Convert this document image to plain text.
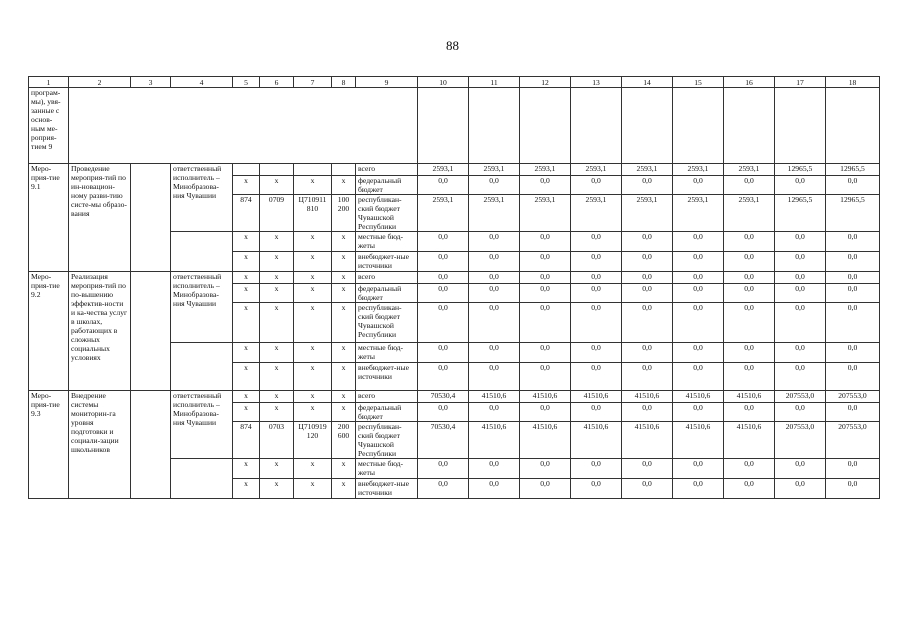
88
1	2	3	4	5	6	7	8	9	10	11	12	13	14	15	16	17	18
програм-мы), увя-занные с основ-ным ме-роприя-тием 9																	
Меро-прия-тие 9.1	Проведение мероприя-тий по ин-новацион-ному разви-тию систе-мы образо-вания		ответственный исполнитель – Минобразова-ния Чувашии					всего	2593,1	2593,1	2593,1	2593,1	2593,1	2593,1	2593,1	12965,5	12965,5
				x	x	x	x	федеральный бюджет	0,0	0,0	0,0	0,0	0,0	0,0	0,0	0,0	0,0
				874	0709	Ц710911 810	100 200	республикан-ский бюджет Чувашской Республики	2593,1	2593,1	2593,1	2593,1	2593,1	2593,1	2593,1	12965,5	12965,5
				x	x	x	x	местные бюд-жеты	0,0	0,0	0,0	0,0	0,0	0,0	0,0	0,0	0,0
				x	x	x	x	внебюджет-ные источники	0,0	0,0	0,0	0,0	0,0	0,0	0,0	0,0	0,0
Меро-прия-тие 9.2	Реализация мероприя-тий по по-вышению эффектив-ности и ка-чества услуг в школах, работающих в сложных социальных условиях		ответственный исполнитель – Минобразова-ния Чувашии	x	x	x	x	всего	0,0	0,0	0,0	0,0	0,0	0,0	0,0	0,0	0,0
				x	x	x	x	федеральный бюджет	0,0	0,0	0,0	0,0	0,0	0,0	0,0	0,0	0,0
				x	x	x	x	республикан-ский бюджет Чувашской Республики	0,0	0,0	0,0	0,0	0,0	0,0	0,0	0,0	0,0
				x	x	x	x	местные бюд-жеты	0,0	0,0	0,0	0,0	0,0	0,0	0,0	0,0	0,0
				x	x	x	x	внебюджет-ные источники	0,0	0,0	0,0	0,0	0,0	0,0	0,0	0,0	0,0
Меро-прия-тие 9.3	Внедрение системы мониторин-га уровня подготовки и социали-зации школьников		ответственный исполнитель – Минобразова-ния Чувашии	x	x	x	x	всего	70530,4	41510,6	41510,6	41510,6	41510,6	41510,6	41510,6	207553,0	207553,0
				x	x	x	x	федеральный бюджет	0,0	0,0	0,0	0,0	0,0	0,0	0,0	0,0	0,0
				874	0703	Ц710919 120	200 600	республикан-ский бюджет Чувашской Республики	70530,4	41510,6	41510,6	41510,6	41510,6	41510,6	41510,6	207553,0	207553,0
				x	x	x	x	местные бюд-жеты	0,0	0,0	0,0	0,0	0,0	0,0	0,0	0,0	0,0
				x	x	x	x	внебюджет-ные источники	0,0	0,0	0,0	0,0	0,0	0,0	0,0	0,0	0,0
